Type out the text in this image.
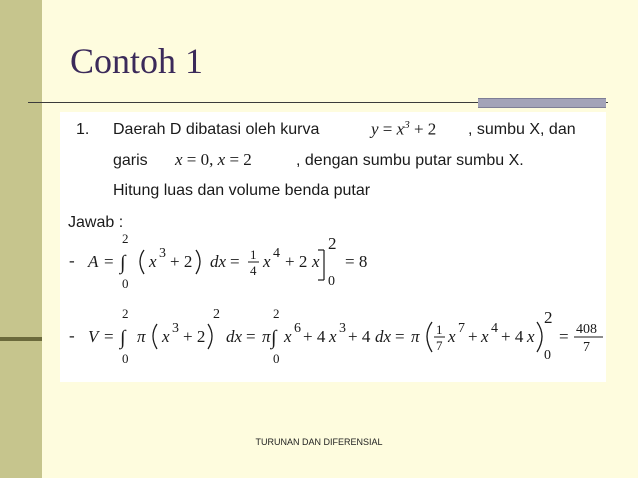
Contoh 1
1. Daerah D dibatasi oleh kurva	$y = x^3 + 2$ , sumbu X, dan
garis x = 0, x = 2	, dengan sumbu putar sumbu X.
Hitung luas dan volume benda putar
Jawab :
- A =
2
∫
0
x 3 + 2 dx = 1
4 x 4 + 2 x
2
0
= 8
- V =
2
∫
0
π x 3 + 2
2
dx = π
2
∫
0
x 6 + 4 x 3 + 4 dx = π 1
7 x 7 + x 4 + 4 x
2
0
= 408
7
TURUNAN DAN DIFERENSIAL
